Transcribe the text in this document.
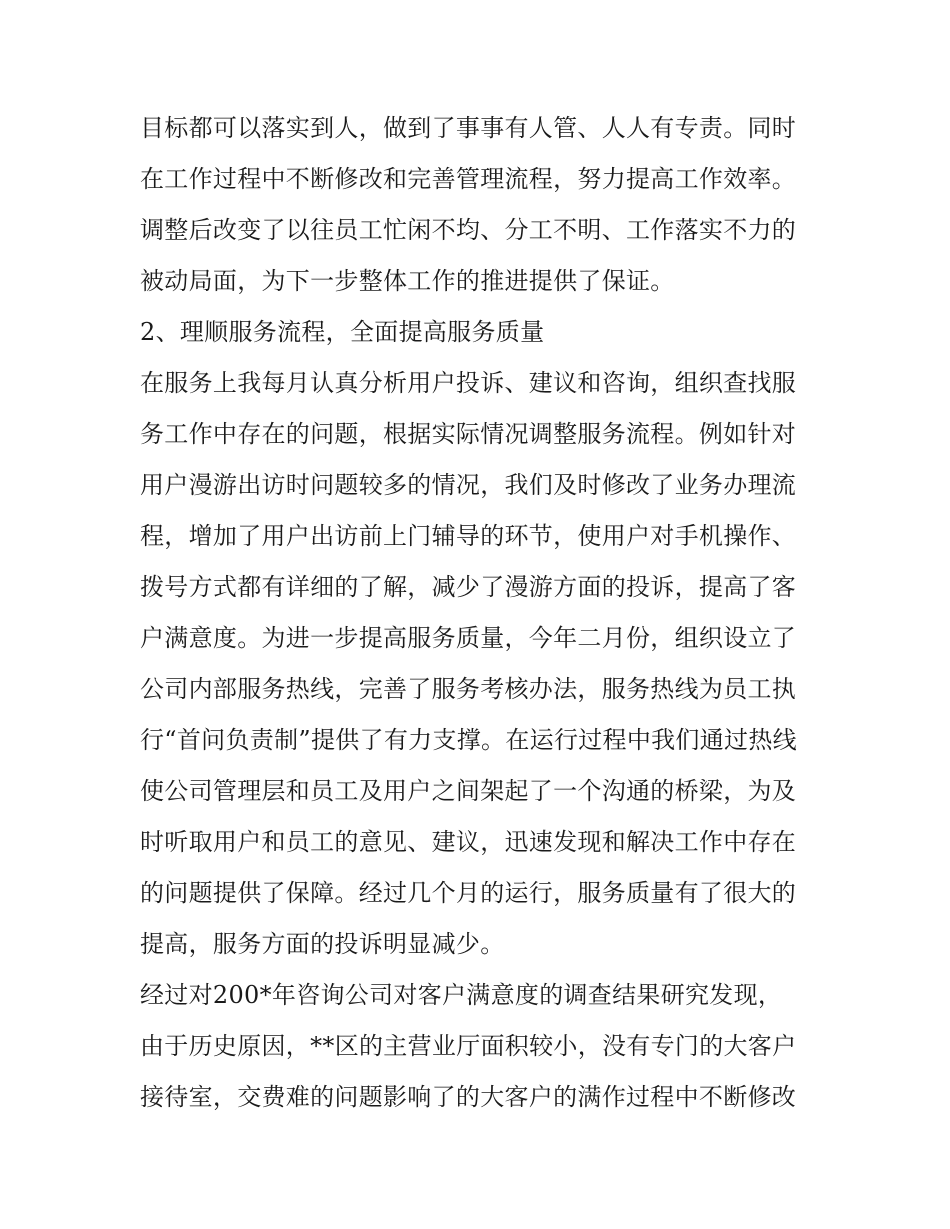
目标都可以落实到人，做到了事事有人管、人人有专责。同时
在工作过程中不断修改和完善管理流程，努力提高工作效率。
调整后改变了以往员工忙闲不均、分工不明、工作落实不力的
被动局面，为下一步整体工作的推进提供了保证。
2、理顺服务流程，全面提高服务质量
在服务上我每月认真分析用户投诉、建议和咨询，组织查找服
务工作中存在的问题，根据实际情况调整服务流程。例如针对
用户漫游出访时问题较多的情况，我们及时修改了业务办理流
程，增加了用户出访前上门辅导的环节，使用户对手机操作、
拨号方式都有详细的了解，减少了漫游方面的投诉，提高了客
户满意度。为进一步提高服务质量，今年二月份，组织设立了
公司内部服务热线，完善了服务考核办法，服务热线为员工执
行“首问负责制”提供了有力支撑。在运行过程中我们通过热线
使公司管理层和员工及用户之间架起了一个沟通的桥梁，为及
时听取用户和员工的意见、建议，迅速发现和解决工作中存在
的问题提供了保障。经过几个月的运行，服务质量有了很大的
提高，服务方面的投诉明显减少。
经过对200*年咨询公司对客户满意度的调查结果研究发现，
由于历史原因，**区的主营业厅面积较小，没有专门的大客户
接待室，交费难的问题影响了的大客户的满作过程中不断修改
